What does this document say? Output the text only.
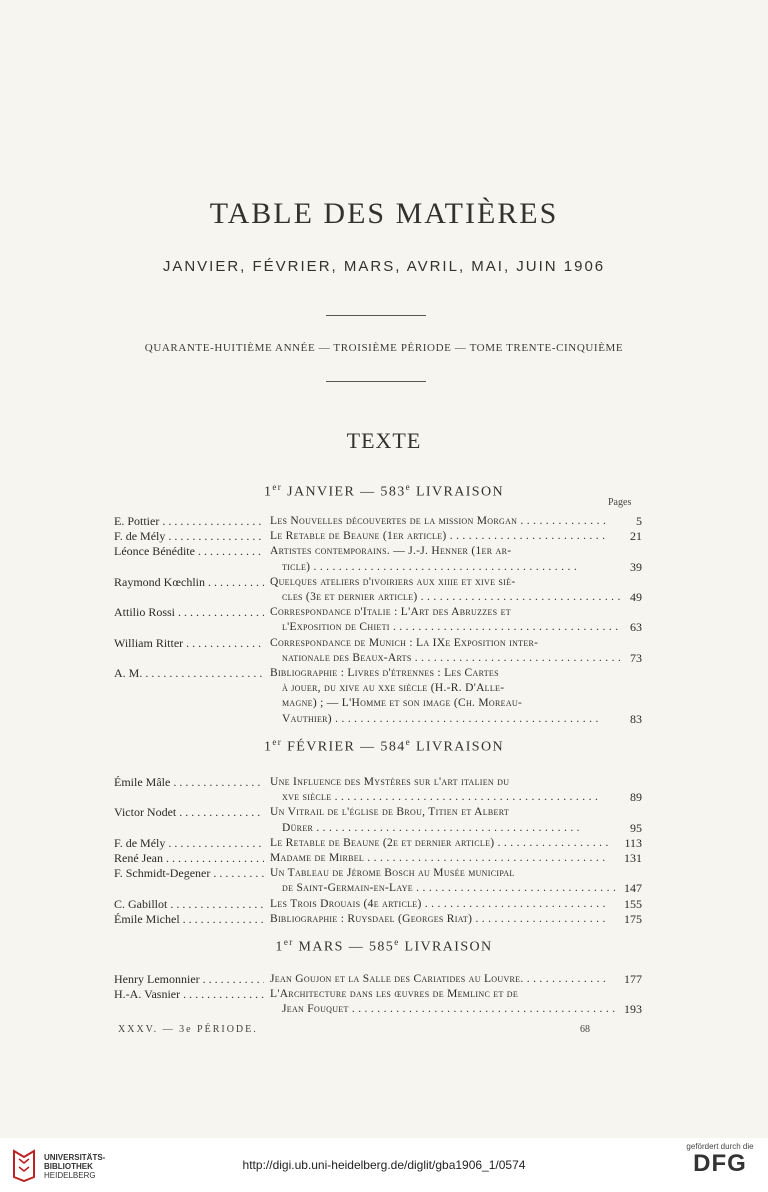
TABLE DES MATIÈRES
JANVIER, FÉVRIER, MARS, AVRIL, MAI, JUIN 1906
QUARANTE-HUITIÈME ANNÉE — TROISIÈME PÉRIODE — TOME TRENTE-CINQUIÈME
TEXTE
Pages
1er JANVIER — 583e LIVRAISON
E. Pottier . . .	Les Nouvelles découvertes de la mission Morgan . . .	5
F. de Mély . . .	Le Retable de Beaune (1er article) . . .	21
Léonce Bénédite . . .	Artistes contemporains. — J.-J. Henner (1er ar-
ticle) . . .	39
Raymond Kœchlin . . .	Quelques ateliers d'ivoiriers aux xiiie et xive siè-
cles (3e et dernier article) . . .	49
Attilio Rossi . . .	Correspondance d'Italie : L'Art des Abruzzes et
l'Exposition de Chieti . . .	63
William Ritter . . .	Correspondance de Munich : La IXe Exposition inter-
nationale des Beaux-Arts . . .	73
A. M. . . .	Bibliographie : Livres d'étrennes : Les Cartes
à jouer, du xive au xxe siècle (H.-R. D'Alle-
magne) ; — L'Homme et son image (Ch. Moreau-
Vauthier) . . .	83
1er FÉVRIER — 584e LIVRAISON
Émile Mâle . . .	Une Influence des Mystères sur l'art italien du
xve siècle . . .	89
Victor Nodet . . .	Un Vitrail de l'église de Brou, Titien et Albert
Dürer . . .	95
F. de Mély . . .	Le Retable de Beaune (2e et dernier article) . . .	113
René Jean . . .	Madame de Mirbel . . .	131
F. Schmidt-Degener . . .	Un Tableau de Jérome Bosch au Musée municipal
de Saint-Germain-en-Laye . . .	147
C. Gabillot . . .	Les Trois Drouais (4e article) . . .	155
Émile Michel . . .	Bibliographie : Ruysdael (Georges Riat) . . .	175
1er MARS — 585e LIVRAISON
Henry Lemonnier . . .	Jean Goujon et la Salle des Cariatides au Louvre. . . .	177
H.-A. Vasnier . . .	L'Architecture dans les œuvres de Memlinc et de
Jean Fouquet . . .	193
XXXV. — 3e PÉRIODE.	68
UNIVERSITÄTS-
BIBLIOTHEK
HEIDELBERG
http://digi.ub.uni-heidelberg.de/diglit/gba1906_1/0574
gefördert durch die
DFG
